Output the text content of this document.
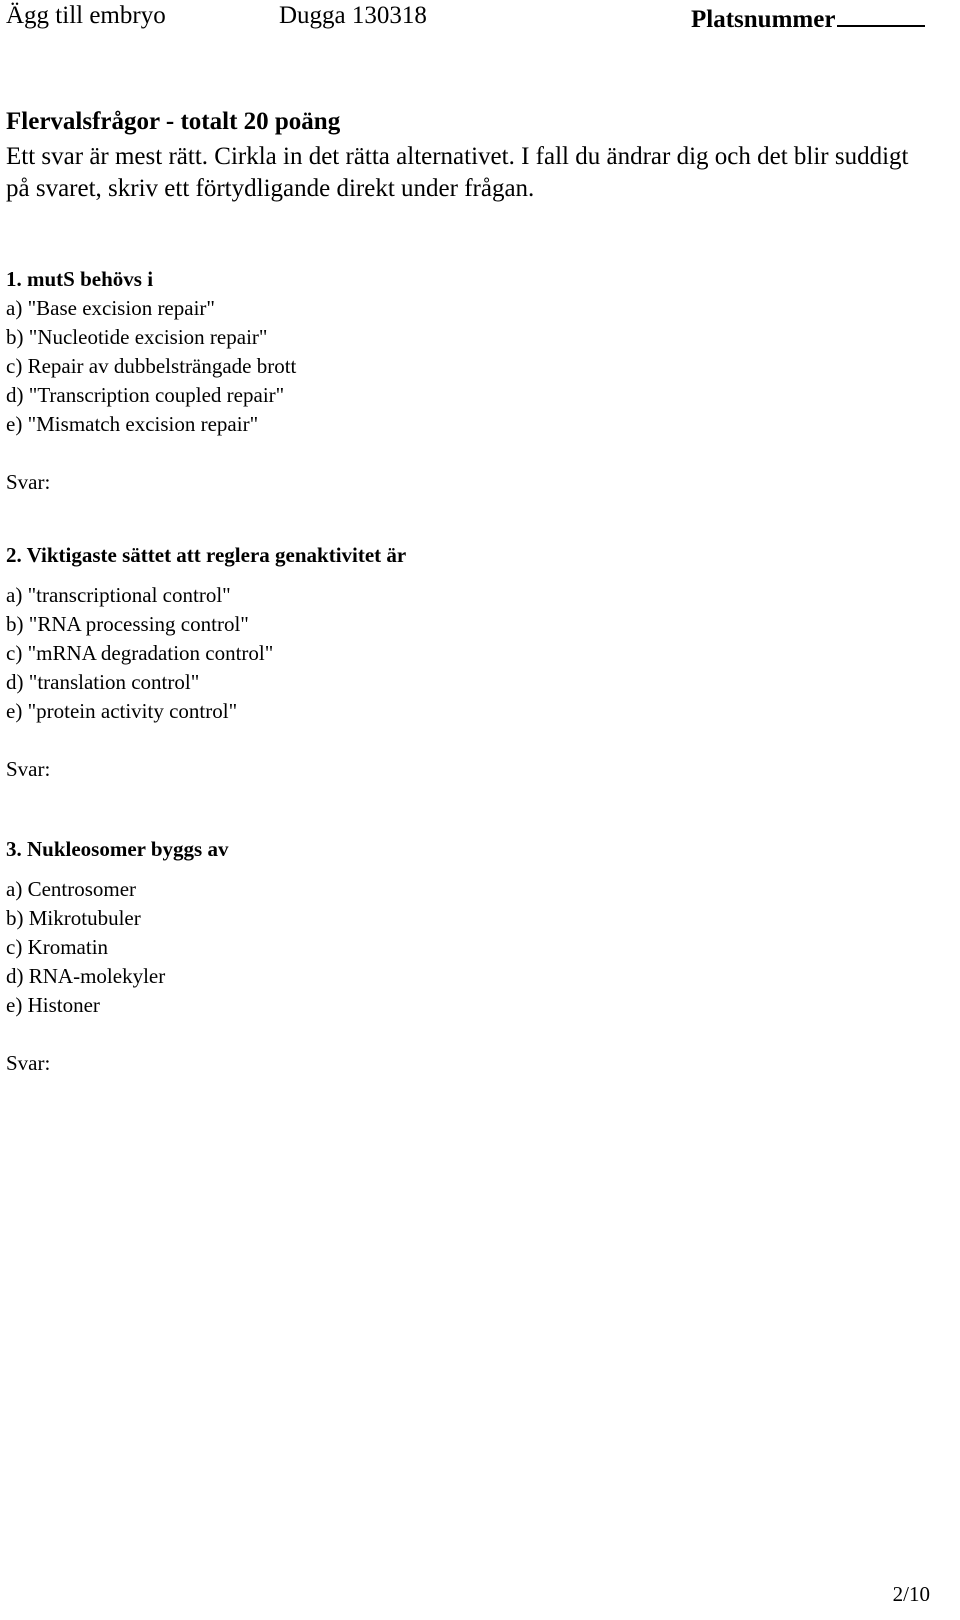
Ägg till embryo	Dugga 130318	Platsnummer
Flervalsfrågor - totalt 20 poäng
Ett svar är mest rätt. Cirkla in det rätta alternativet. I fall du ändrar dig och det blir suddigt på svaret, skriv ett förtydligande direkt under frågan.
1. mutS behövs i
a) "Base excision repair"
b) "Nucleotide excision repair"
c) Repair av dubbelsträngade brott
d) "Transcription coupled repair"
e) "Mismatch excision repair"
Svar:
2. Viktigaste sättet att reglera genaktivitet är
a) "transcriptional control"
b) "RNA processing control"
c) "mRNA degradation control"
d) "translation control"
e) "protein activity control"
Svar:
3. Nukleosomer byggs av
a) Centrosomer
b) Mikrotubuler
c) Kromatin
d) RNA-molekyler
e) Histoner
Svar:
2/10
